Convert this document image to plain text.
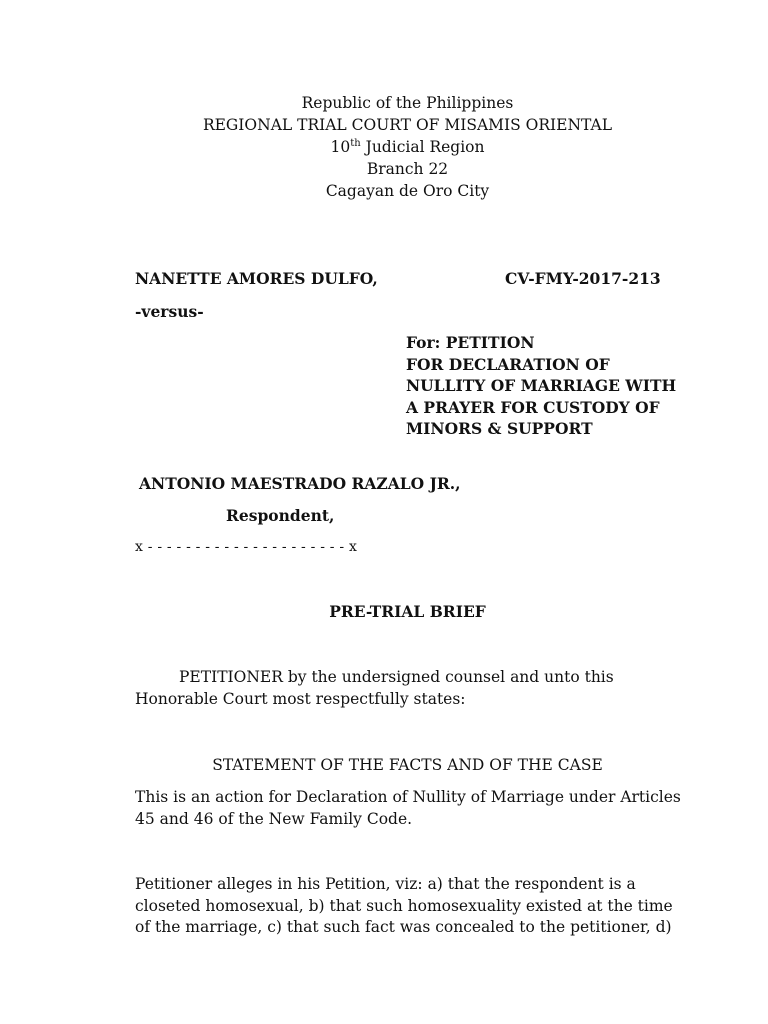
Republic of the Philippines

REGIONAL TRIAL COURT OF MISAMIS ORIENTAL

10th Judicial Region

Branch 22

Cagayan de Oro City

NANETTE AMORES DULFO,	CV-FMY-2017-213

-versus-

For: PETITION
FOR DECLARATION OF
NULLITY OF MARRIAGE WITH
A PRAYER FOR CUSTODY OF
MINORS & SUPPORT

ANTONIO MAESTRADO RAZALO JR.,

Respondent,

x - - - - - - - - - - - - - - - - - - - - - x

PRE-TRIAL BRIEF

PETITIONER by the undersigned counsel and unto this
Honorable Court most respectfully states:

STATEMENT OF THE FACTS AND OF THE CASE

This is an action for Declaration of Nullity of Marriage under Articles
45 and 46 of the New Family Code.
Petitioner alleges in his Petition, viz: a) that the respondent is a
closeted homosexual, b) that such homosexuality existed at the time
of the marriage, c) that such fact was concealed to the petitioner, d)
